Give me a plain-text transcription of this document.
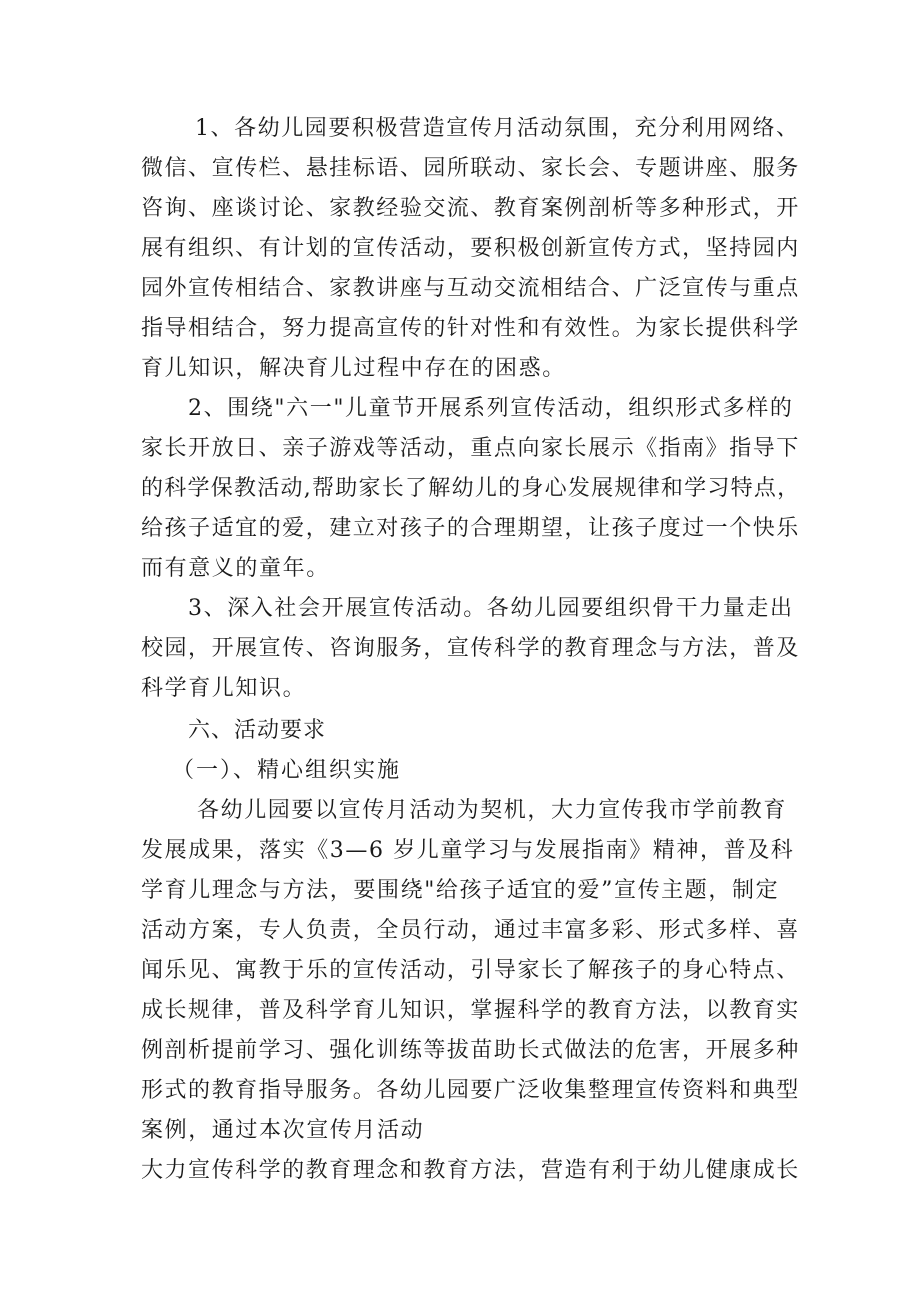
1、各幼儿园要积极营造宣传月活动氛围，充分利用网络、
微信、宣传栏、悬挂标语、园所联动、家长会、专题讲座、服务
咨询、座谈讨论、家教经验交流、教育案例剖析等多种形式，开
展有组织、有计划的宣传活动，要积极创新宣传方式，坚持园内
园外宣传相结合、家教讲座与互动交流相结合、广泛宣传与重点
指导相结合，努力提高宣传的针对性和有效性。为家长提供科学
育儿知识，解决育儿过程中存在的困惑。
2、围绕"六一"儿童节开展系列宣传活动，组织形式多样的
家长开放日、亲子游戏等活动，重点向家长展示《指南》指导下
的科学保教活动,帮助家长了解幼儿的身心发展规律和学习特点，
给孩子适宜的爱，建立对孩子的合理期望，让孩子度过一个快乐
而有意义的童年。
3、深入社会开展宣传活动。各幼儿园要组织骨干力量走出
校园，开展宣传、咨询服务，宣传科学的教育理念与方法，普及
科学育儿知识。
六、活动要求
（一）、精心组织实施
各幼儿园要以宣传月活动为契机，大力宣传我市学前教育
发展成果，落实《3—6 岁儿童学习与发展指南》精神，普及科
学育儿理念与方法，要围绕"给孩子适宜的爱”宣传主题，制定
活动方案，专人负责，全员行动，通过丰富多彩、形式多样、喜
闻乐见、寓教于乐的宣传活动，引导家长了解孩子的身心特点、
成长规律，普及科学育儿知识，掌握科学的教育方法，以教育实
例剖析提前学习、强化训练等拔苗助长式做法的危害，开展多种
形式的教育指导服务。各幼儿园要广泛收集整理宣传资料和典型
案例，通过本次宣传月活动
大力宣传科学的教育理念和教育方法，营造有利于幼儿健康成长
